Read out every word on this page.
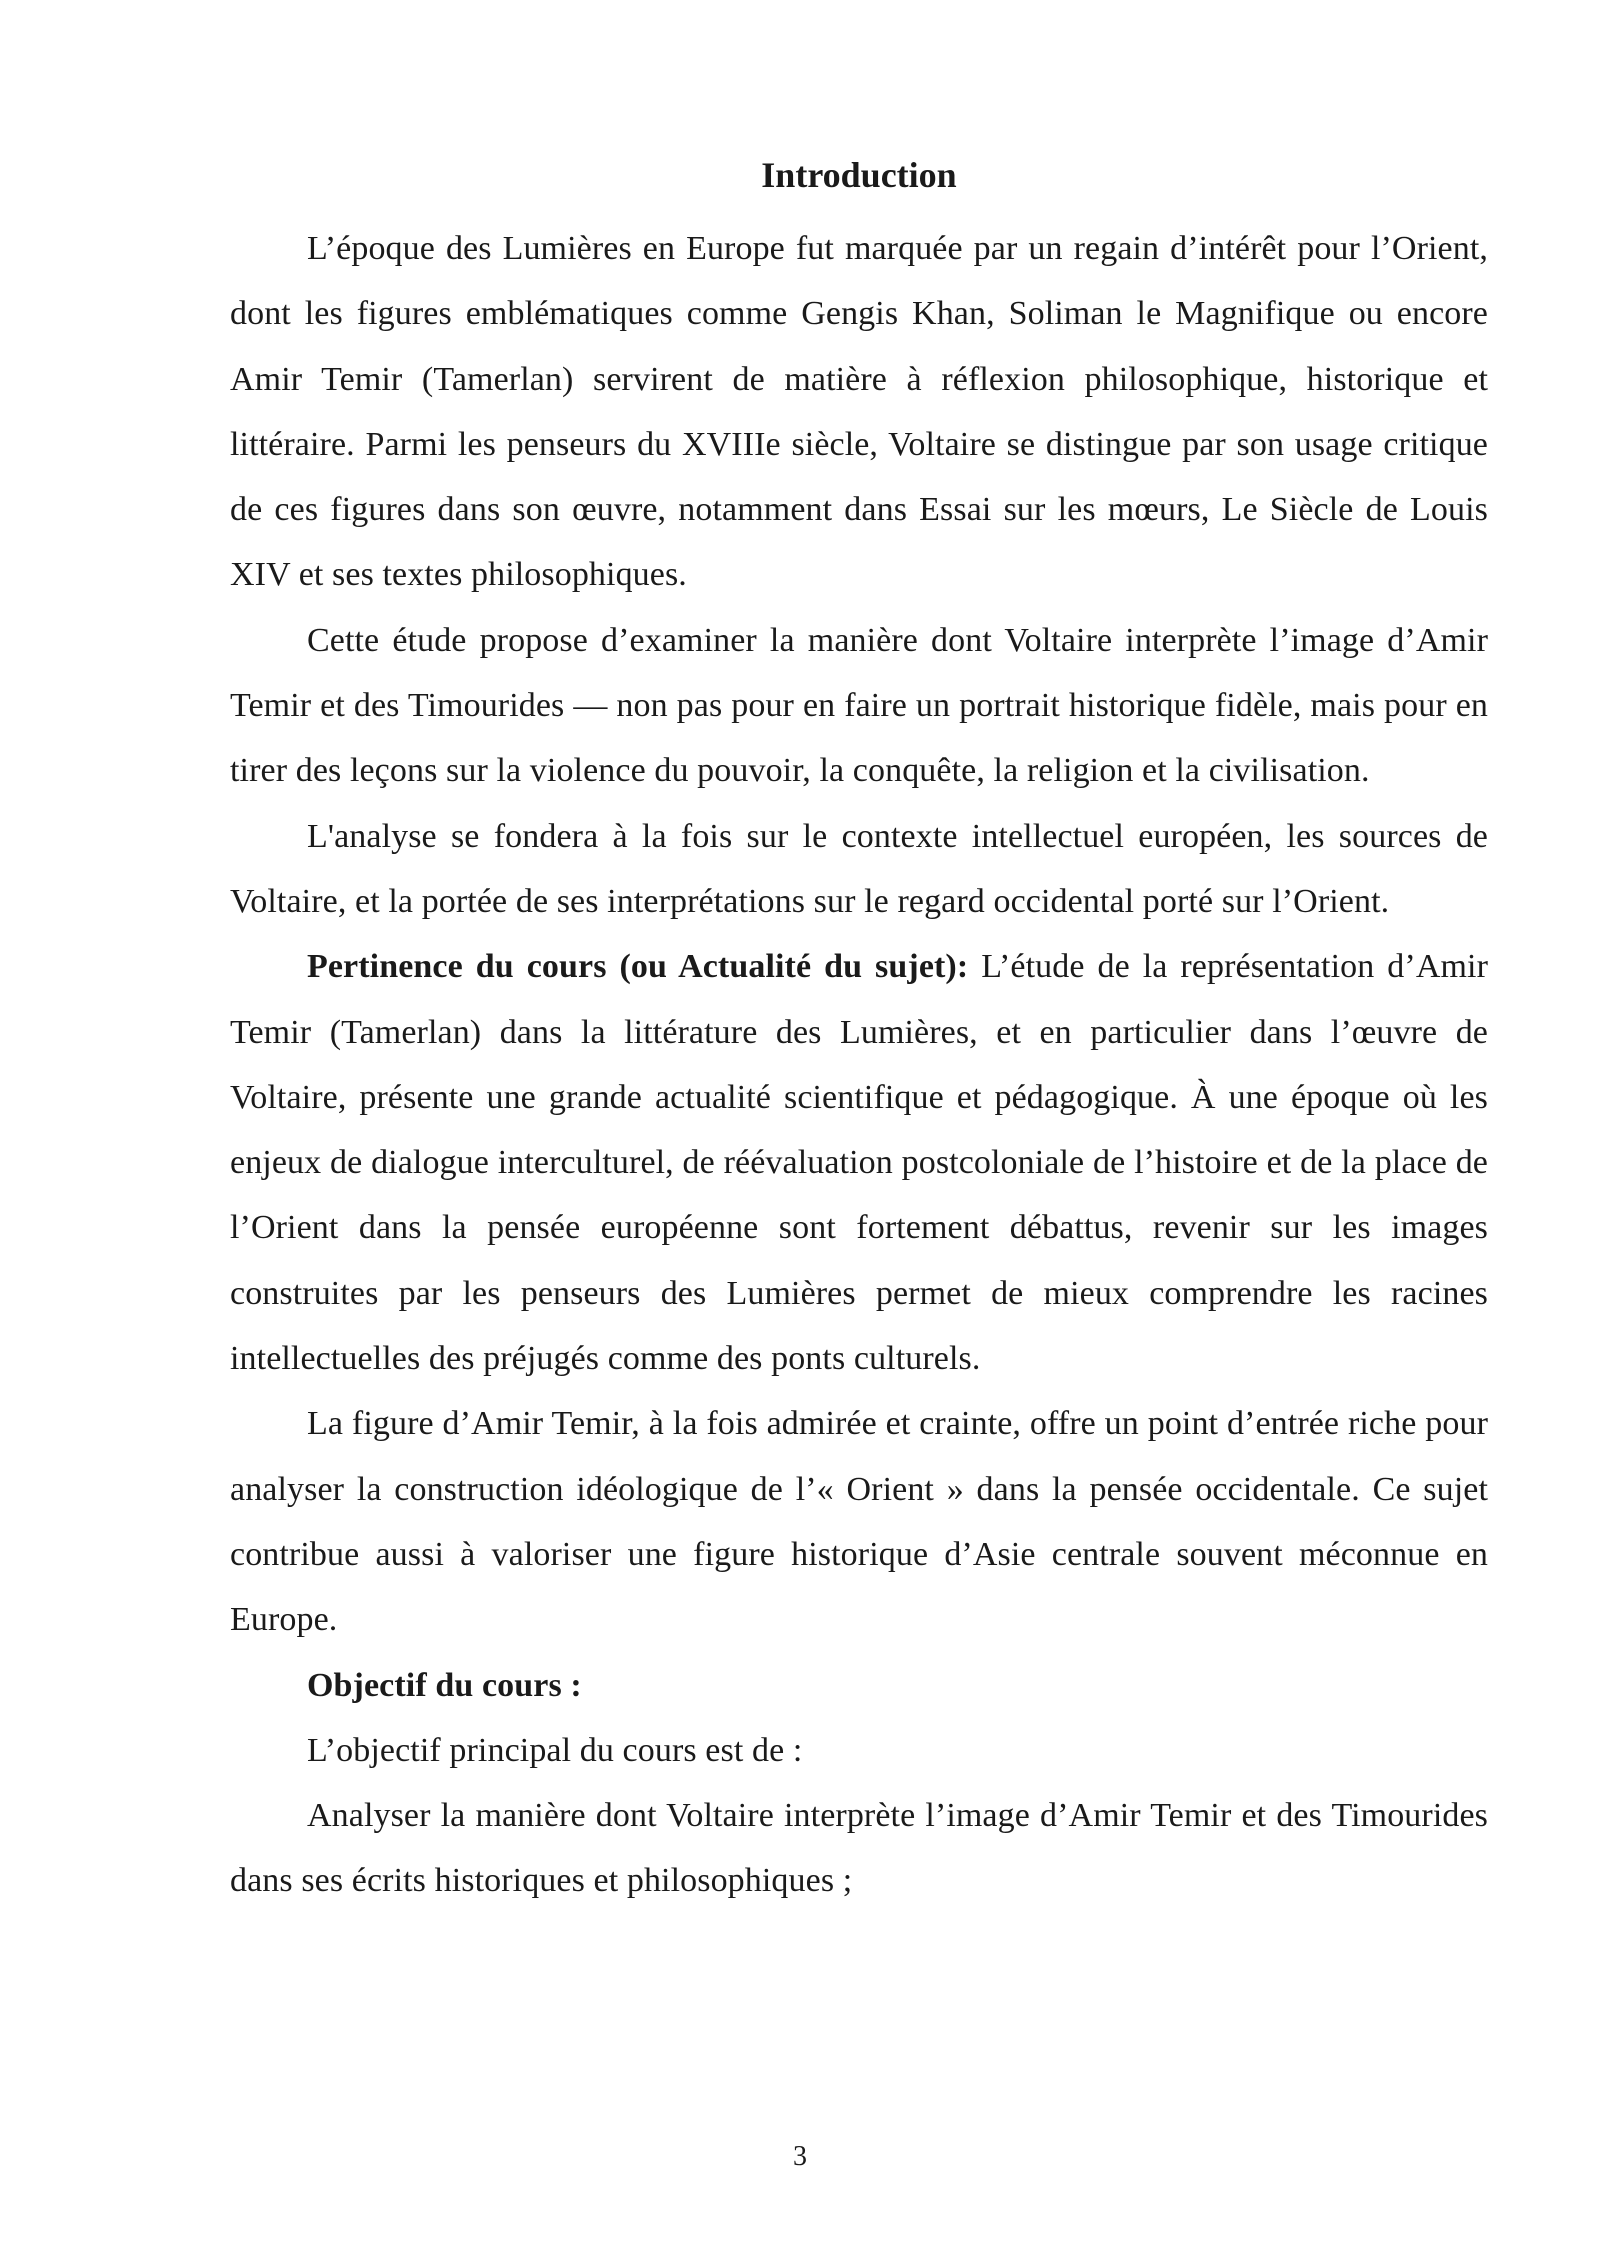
Introduction

L’époque des Lumières en Europe fut marquée par un regain d’intérêt pour l’Orient, dont les figures emblématiques comme Gengis Khan, Soliman le Magnifique ou encore Amir Temir (Tamerlan) servirent de matière à réflexion philosophique, historique et littéraire. Parmi les penseurs du XVIIIe siècle, Voltaire se distingue par son usage critique de ces figures dans son œuvre, notamment dans Essai sur les mœurs, Le Siècle de Louis XIV et ses textes philosophiques.

Cette étude propose d’examiner la manière dont Voltaire interprète l’image d’Amir Temir et des Timourides — non pas pour en faire un portrait historique fidèle, mais pour en tirer des leçons sur la violence du pouvoir, la conquête, la religion et la civilisation.

L'analyse se fondera à la fois sur le contexte intellectuel européen, les sources de Voltaire, et la portée de ses interprétations sur le regard occidental porté sur l’Orient.

Pertinence du cours (ou Actualité du sujet): L’étude de la représentation d’Amir Temir (Tamerlan) dans la littérature des Lumières, et en particulier dans l’œuvre de Voltaire, présente une grande actualité scientifique et pédagogique. À une époque où les enjeux de dialogue interculturel, de réévaluation postcoloniale de l’histoire et de la place de l’Orient dans la pensée européenne sont fortement débattus, revenir sur les images construites par les penseurs des Lumières permet de mieux comprendre les racines intellectuelles des préjugés comme des ponts culturels.

La figure d’Amir Temir, à la fois admirée et crainte, offre un point d’entrée riche pour analyser la construction idéologique de l’« Orient » dans la pensée occidentale. Ce sujet contribue aussi à valoriser une figure historique d’Asie centrale souvent méconnue en Europe.

Objectif du cours :

L’objectif principal du cours est de :

Analyser la manière dont Voltaire interprète l’image d’Amir Temir et des Timourides dans ses écrits historiques et philosophiques ;

3
